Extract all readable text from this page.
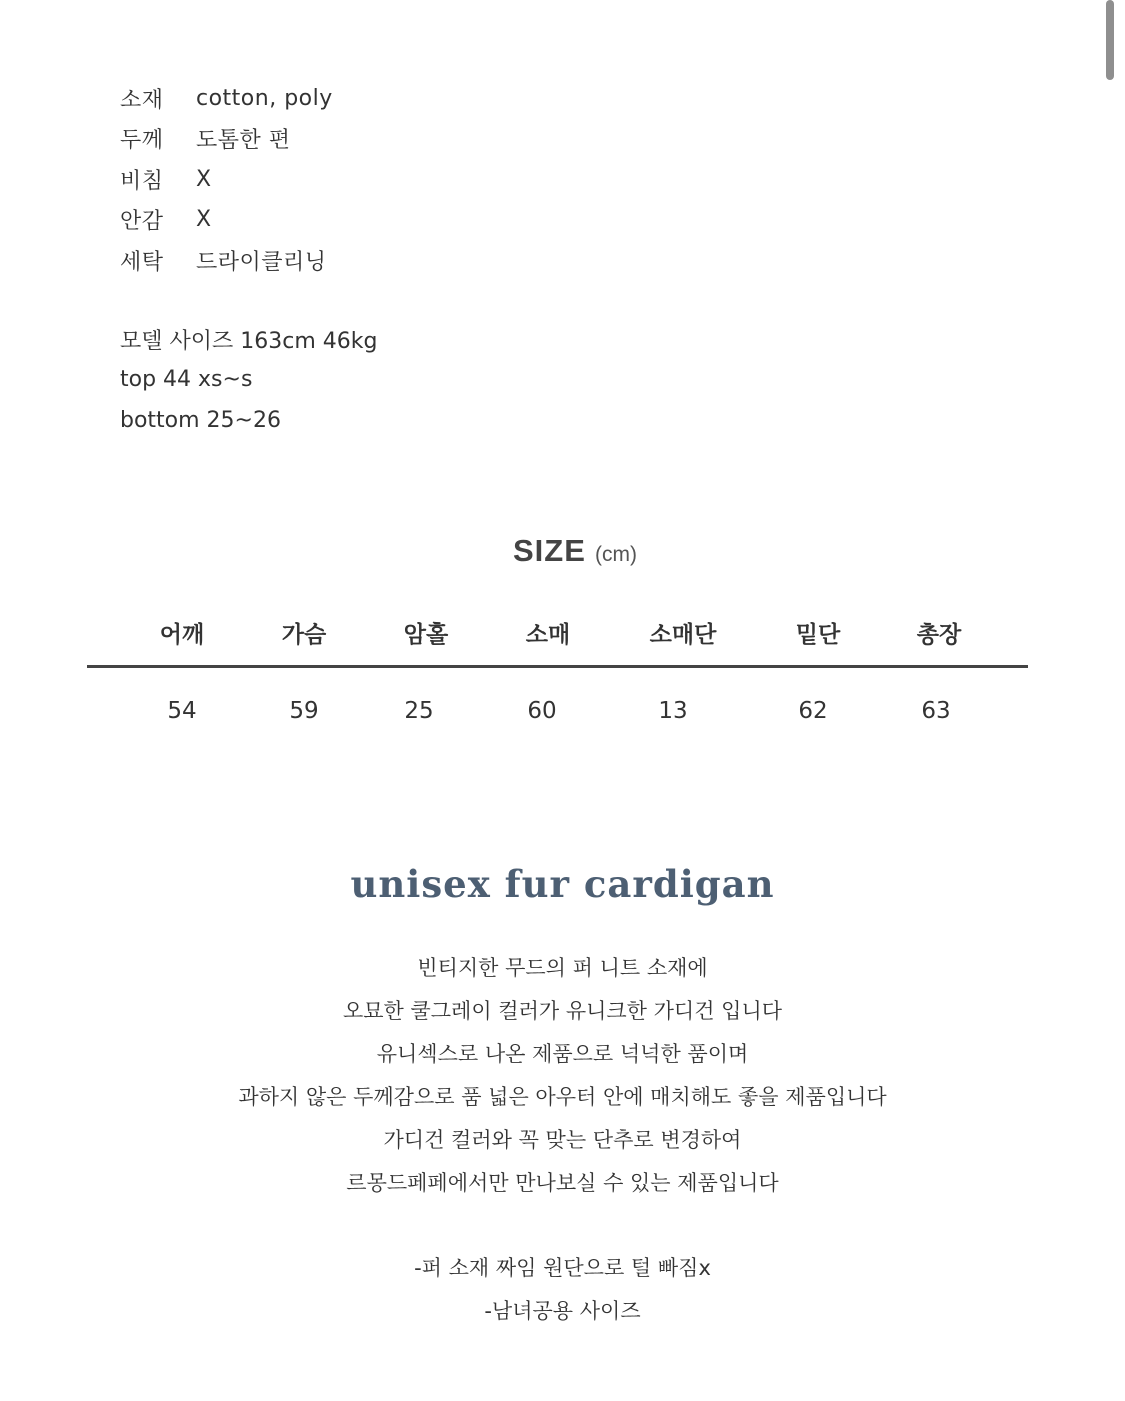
소재	cotton, poly
두께	도톰한 편
비침	X
안감	X
세탁	드라이클리닝
모델 사이즈 163cm 46kg
top 44 xs~s
bottom 25~26
SIZE (cm)
어깨	가슴	암홀	소매	소매단	밑단	총장
54	59	25	60	13	62	63
unisex fur cardigan
빈티지한 무드의 퍼 니트 소재에
오묘한 쿨그레이 컬러가 유니크한 가디건 입니다
유니섹스로 나온 제품으로 넉넉한 품이며
과하지 않은 두께감으로 품 넓은 아우터 안에 매치해도 좋을 제품입니다
가디건 컬러와 꼭 맞는 단추로 변경하여
르몽드페페에서만 만나보실 수 있는 제품입니다
-퍼 소재 짜임 원단으로 털 빠짐x
-남녀공용 사이즈
